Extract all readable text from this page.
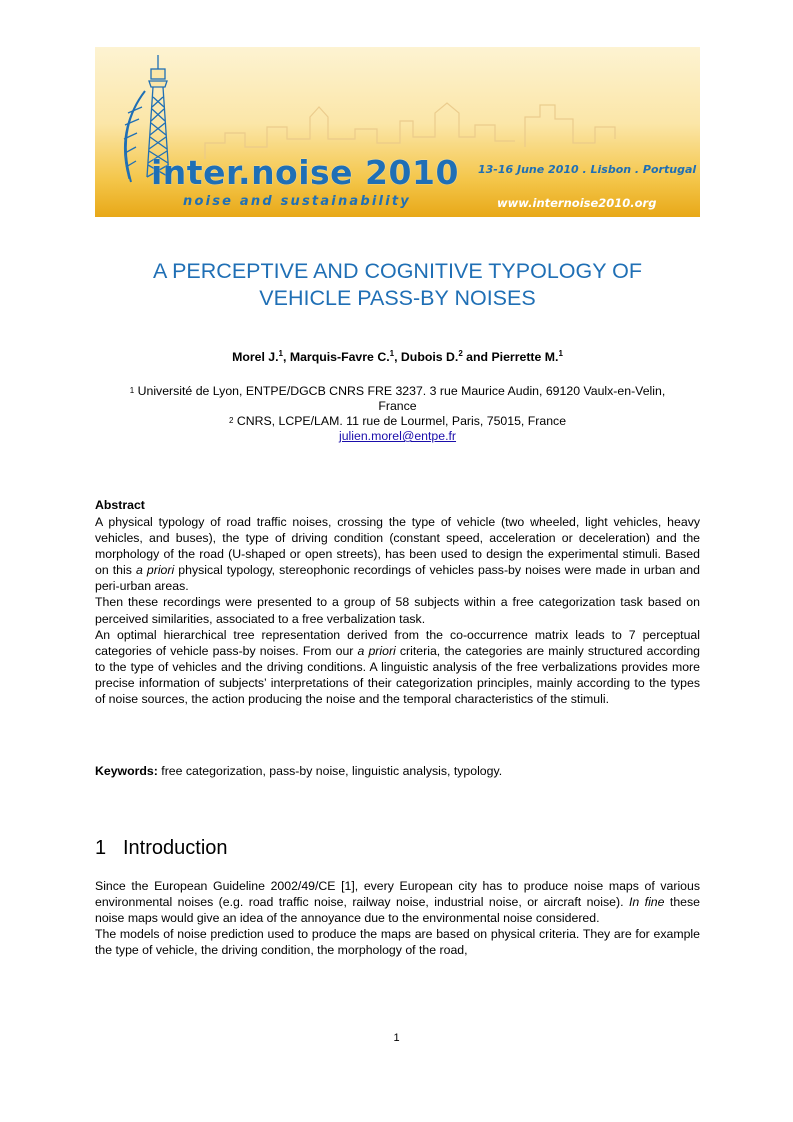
inter.noise 2010
noise and sustainability
13-16 June 2010 . Lisbon . Portugal
www.internoise2010.org
A PERCEPTIVE AND COGNITIVE TYPOLOGY OF
VEHICLE PASS-BY NOISES
Morel J.$^1$, Marquis-Favre C.$^1$, Dubois D.$^2$ and Pierrette M.$^1$
$^1$ Université de Lyon, ENTPE/DGCB CNRS FRE 3237. 3 rue Maurice Audin, 69120 Vaulx-en-Velin,
France
$^2$ CNRS, LCPE/LAM. 11 rue de Lourmel, Paris, 75015, France
julien.morel@entpe.fr
Abstract
A physical typology of road traffic noises, crossing the type of vehicle (two wheeled, light vehicles, heavy vehicles, and buses), the type of driving condition (constant speed, acceleration or deceleration) and the morphology of the road (U-shaped or open streets), has been used to design the experimental stimuli. Based on this a priori physical typology, stereophonic recordings of vehicles pass-by noises were made in urban and peri-urban areas.
Then these recordings were presented to a group of 58 subjects within a free categorization task based on perceived similarities, associated to a free verbalization task.
An optimal hierarchical tree representation derived from the co-occurrence matrix leads to 7 perceptual categories of vehicle pass-by noises. From our a priori criteria, the categories are mainly structured according to the type of vehicles and the driving conditions. A linguistic analysis of the free verbalizations provides more precise information of subjects’ interpretations of their categorization principles, mainly according to the types of noise sources, the action producing the noise and the temporal characteristics of the stimuli.
Keywords: free categorization, pass-by noise, linguistic analysis, typology.
1 Introduction
Since the European Guideline 2002/49/CE [1], every European city has to produce noise maps of various environmental noises (e.g. road traffic noise, railway noise, industrial noise, or aircraft noise). In fine these noise maps would give an idea of the annoyance due to the environmental noise considered.
The models of noise prediction used to produce the maps are based on physical criteria. They are for example the type of vehicle, the driving condition, the morphology of the road,
1
